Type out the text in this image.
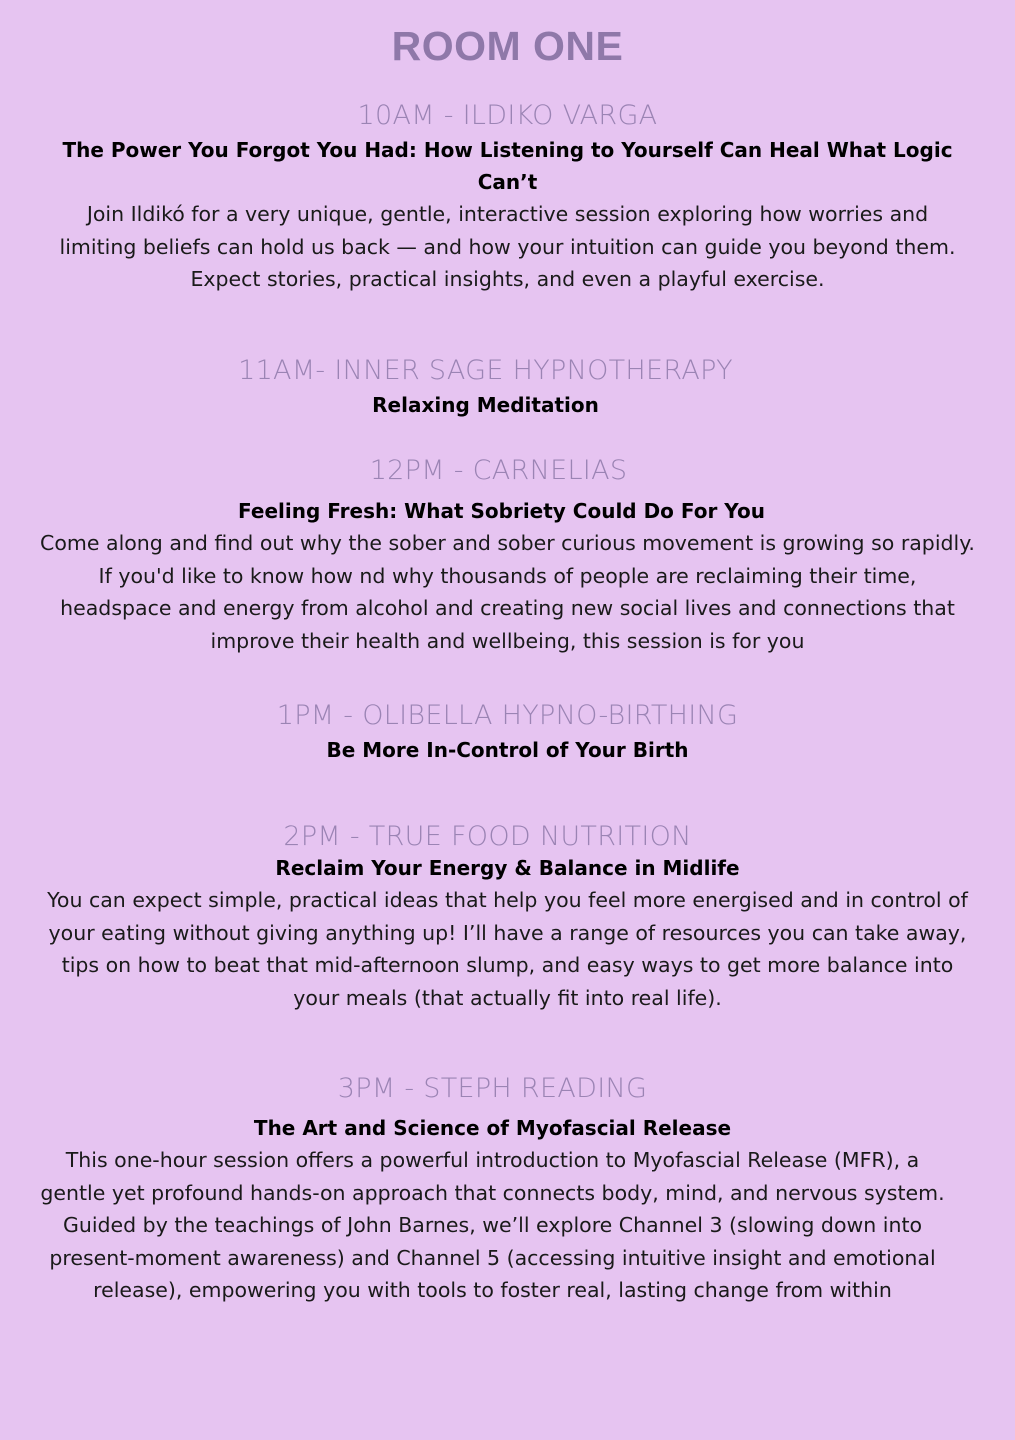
ROOM ONE
10AM - ILDIKO VARGA
The Power You Forgot You Had: How Listening to Yourself Can Heal What Logic Can’t
Join Ildikó for a very unique, gentle, interactive session exploring how worries and limiting beliefs can hold us back — and how your intuition can guide you beyond them. Expect stories, practical insights, and even a playful exercise.
11AM- INNER SAGE HYPNOTHERAPY
Relaxing Meditation
12PM - CARNELIAS
Feeling Fresh: What Sobriety Could Do For You
Come along and find out why the sober and sober curious movement is growing so rapidly. If you'd like to know how nd why thousands of people are reclaiming their time, headspace and energy from alcohol and creating new social lives and connections that improve their health and wellbeing, this session is for you
1PM - OLIBELLA HYPNO-BIRTHING
Be More In-Control of Your Birth
2PM - TRUE FOOD NUTRITION
Reclaim Your Energy & Balance in Midlife
You can expect simple, practical ideas that help you feel more energised and in control of your eating without giving anything up! I’ll have a range of resources you can take away, tips on how to beat that mid-afternoon slump, and easy ways to get more balance into your meals (that actually fit into real life).
3PM - STEPH READING
The Art and Science of Myofascial Release
This one-hour session offers a powerful introduction to Myofascial Release (MFR), a gentle yet profound hands-on approach that connects body, mind, and nervous system. Guided by the teachings of John Barnes, we’ll explore Channel 3 (slowing down into present-moment awareness) and Channel 5 (accessing intuitive insight and emotional release), empowering you with tools to foster real, lasting change from within
